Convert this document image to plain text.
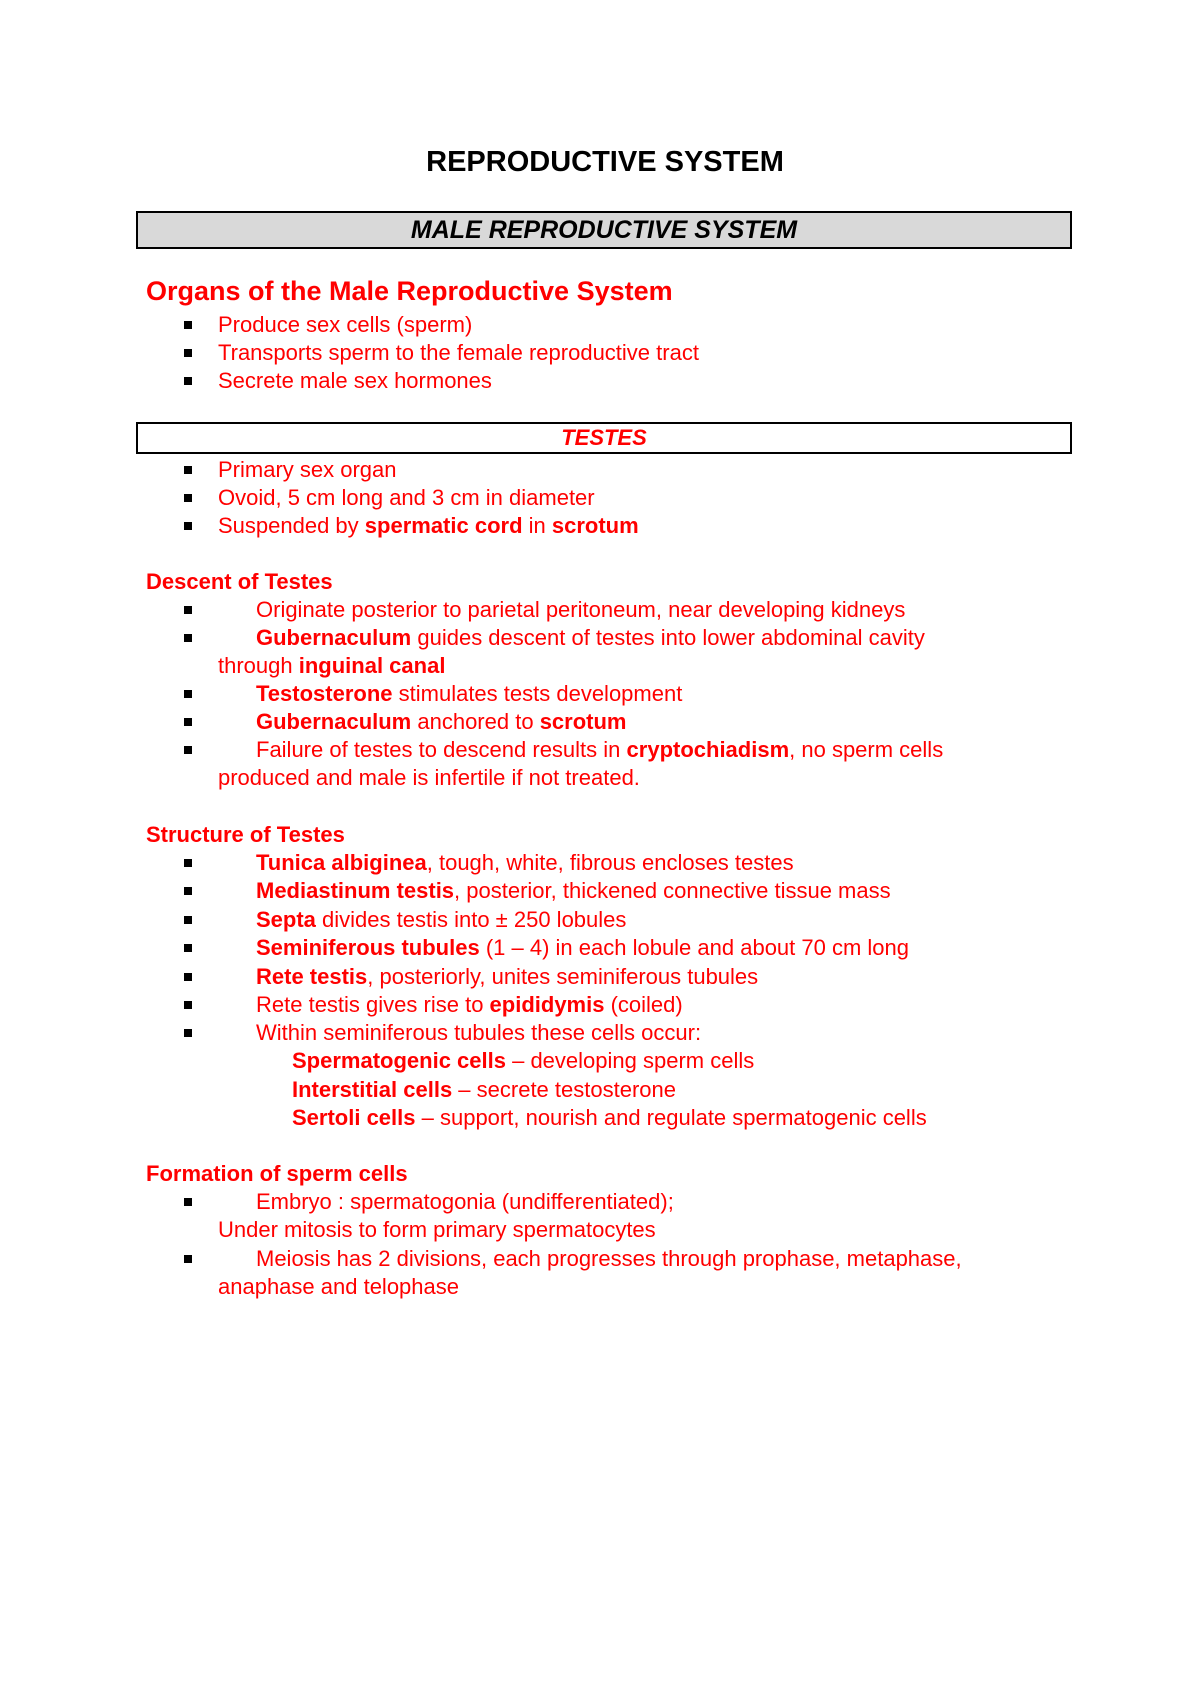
REPRODUCTIVE SYSTEM
MALE REPRODUCTIVE SYSTEM
Organs of the Male Reproductive System
Produce sex cells (sperm)
Transports sperm to the female reproductive tract
Secrete male sex hormones
TESTES
Primary sex organ
Ovoid, 5 cm long and 3 cm in diameter
Suspended by spermatic cord in scrotum
Descent of Testes
Originate posterior to parietal peritoneum, near developing kidneys
Gubernaculum guides descent of testes into lower abdominal cavity
through inguinal canal
Testosterone stimulates tests development
Gubernaculum anchored to scrotum
Failure of testes to descend results in cryptochiadism, no sperm cells
produced and male is infertile if not treated.
Structure of Testes
Tunica albiginea, tough, white, fibrous encloses testes
Mediastinum testis, posterior, thickened connective tissue mass
Septa divides testis into ± 250 lobules
Seminiferous tubules (1 – 4) in each lobule and about 70 cm long
Rete testis, posteriorly, unites seminiferous tubules
Rete testis gives rise to epididymis (coiled)
Within seminiferous tubules these cells occur:
Spermatogenic cells – developing sperm cells
Interstitial cells – secrete testosterone
Sertoli cells – support, nourish and regulate spermatogenic cells
Formation of sperm cells
Embryo : spermatogonia (undifferentiated);
Under mitosis to form primary spermatocytes
Meiosis has 2 divisions, each progresses through prophase, metaphase,
anaphase and telophase
